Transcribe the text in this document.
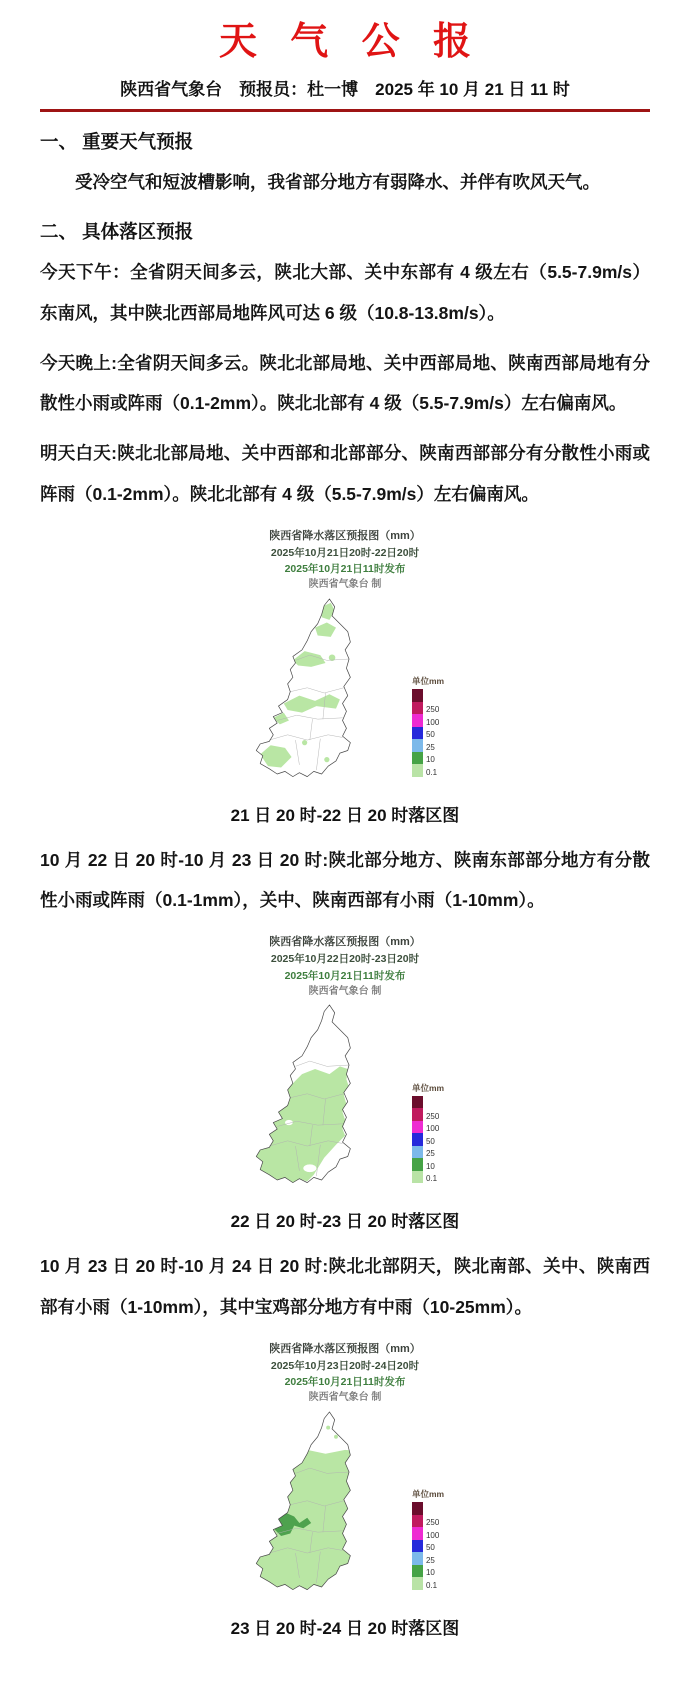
天 气 公 报
陕西省气象台　预报员：杜一博　2025 年 10 月 21 日 11 时
一、 重要天气预报

受冷空气和短波槽影响，我省部分地方有弱降水、并伴有吹风天气。

二、 具体落区预报

今天下午：全省阴天间多云，陕北大部、关中东部有 4 级左右（5.5-7.9m/s）东南风，其中陕北西部局地阵风可达 6 级（10.8-13.8m/s）。

今天晚上:全省阴天间多云。陕北北部局地、关中西部局地、陕南西部局地有分散性小雨或阵雨（0.1-2mm）。陕北北部有 4 级（5.5-7.9m/s）左右偏南风。

明天白天:陕北北部局地、关中西部和北部部分、陕南西部部分有分散性小雨或阵雨（0.1-2mm）。陕北北部有 4 级（5.5-7.9m/s）左右偏南风。

陕西省降水落区预报图（mm）
2025年10月21日20时-22日20时
2025年10月21日11时发布
陕西省气象台 制
单位mm
250
100
50
25
10
0.1

21 日 20 时-22 日 20 时落区图

10 月 22 日 20 时-10 月 23 日 20 时:陕北部分地方、陕南东部部分地方有分散性小雨或阵雨（0.1-1mm），关中、陕南西部有小雨（1-10mm）。

陕西省降水落区预报图（mm）
2025年10月22日20时-23日20时
2025年10月21日11时发布
陕西省气象台 制
单位mm
250
100
50
25
10
0.1

22 日 20 时-23 日 20 时落区图

10 月 23 日 20 时-10 月 24 日 20 时:陕北北部阴天，陕北南部、关中、陕南西部有小雨（1-10mm），其中宝鸡部分地方有中雨（10-25mm）。

陕西省降水落区预报图（mm）
2025年10月23日20时-24日20时
2025年10月21日11时发布
陕西省气象台 制
单位mm
250
100
50
25
10
0.1

23 日 20 时-24 日 20 时落区图
